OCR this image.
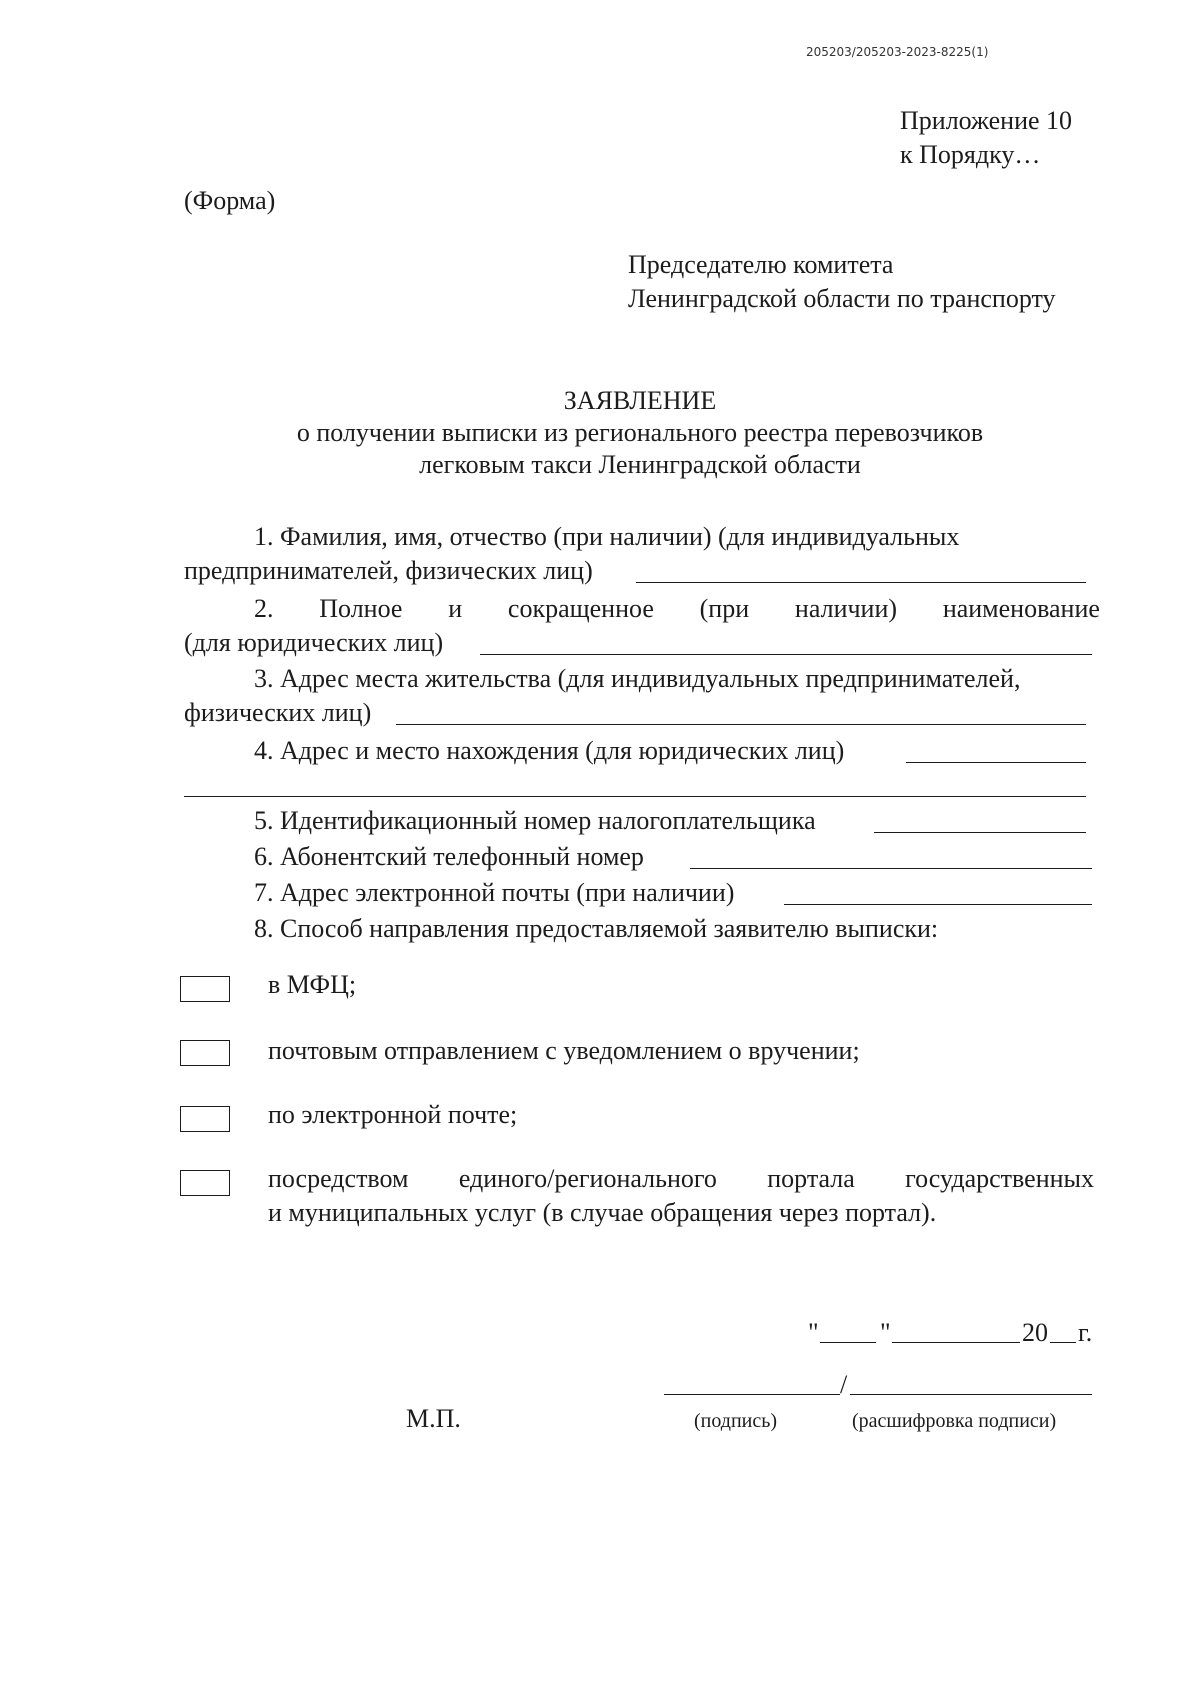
205203/205203-2023-8225(1)
Приложение 10
к Порядку…
(Форма)
Председателю комитета
Ленинградской области по транспорту
ЗАЯВЛЕНИЕ
о получении выписки из регионального реестра перевозчиков
легковым такси Ленинградской области
1. Фамилия, имя, отчество (при наличии) (для индивидуальных
предпринимателей, физических лиц)
2. Полное и сокращенное (при наличии) наименование
(для юридических лиц)
3. Адрес места жительства (для индивидуальных предпринимателей,
физических лиц)
4. Адрес и место нахождения (для юридических лиц)
5. Идентификационный номер налогоплательщика
6. Абонентский телефонный номер
7. Адрес электронной почты (при наличии)
8. Способ направления предоставляемой заявителю выписки:
в МФЦ;
почтовым отправлением с уведомлением о вручении;
по электронной почте;
посредством единого/регионального портала государственных
и муниципальных услуг (в случае обращения через портал).
" "	20 г.
/
М.П.	(подпись)	(расшифровка подписи)
